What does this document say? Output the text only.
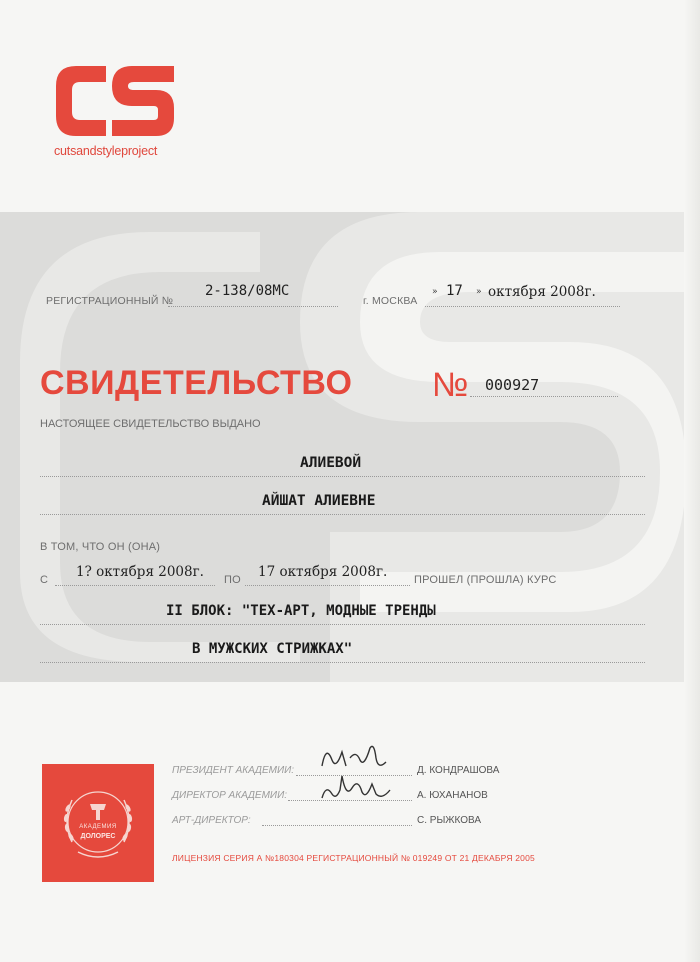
cutsandstyleproject
РЕГИСТРАЦИОННЫЙ №
2-138/08МС
г. МОСКВА
» 17 » октября 2008г.
СВИДЕТЕЛЬСТВО № 000927
НАСТОЯЩЕЕ СВИДЕТЕЛЬСТВО ВЫДАНО
АЛИЕВОЙ
АЙШАТ АЛИЕВНЕ
В ТОМ, ЧТО ОН (ОНА)
С 1? октября 2008г. ПО 17 октября 2008г. ПРОШЕЛ (ПРОШЛА) КУРС
II БЛОК: "ТЕХ-АРТ, МОДНЫЕ ТРЕНДЫ
В МУЖСКИХ СТРИЖКАХ"
АКАДЕМИЯ
ДОЛОРЕС
ПРЕЗИДЕНТ АКАДЕМИИ:	Д. КОНДРАШОВА
ДИРЕКТОР АКАДЕМИИ:	А. ЮХАНАНОВ
АРТ-ДИРЕКТОР:	С. РЫЖКОВА
ЛИЦЕНЗИЯ СЕРИЯ А №180304 РЕГИСТРАЦИОННЫЙ № 019249 ОТ 21 ДЕКАБРЯ 2005
